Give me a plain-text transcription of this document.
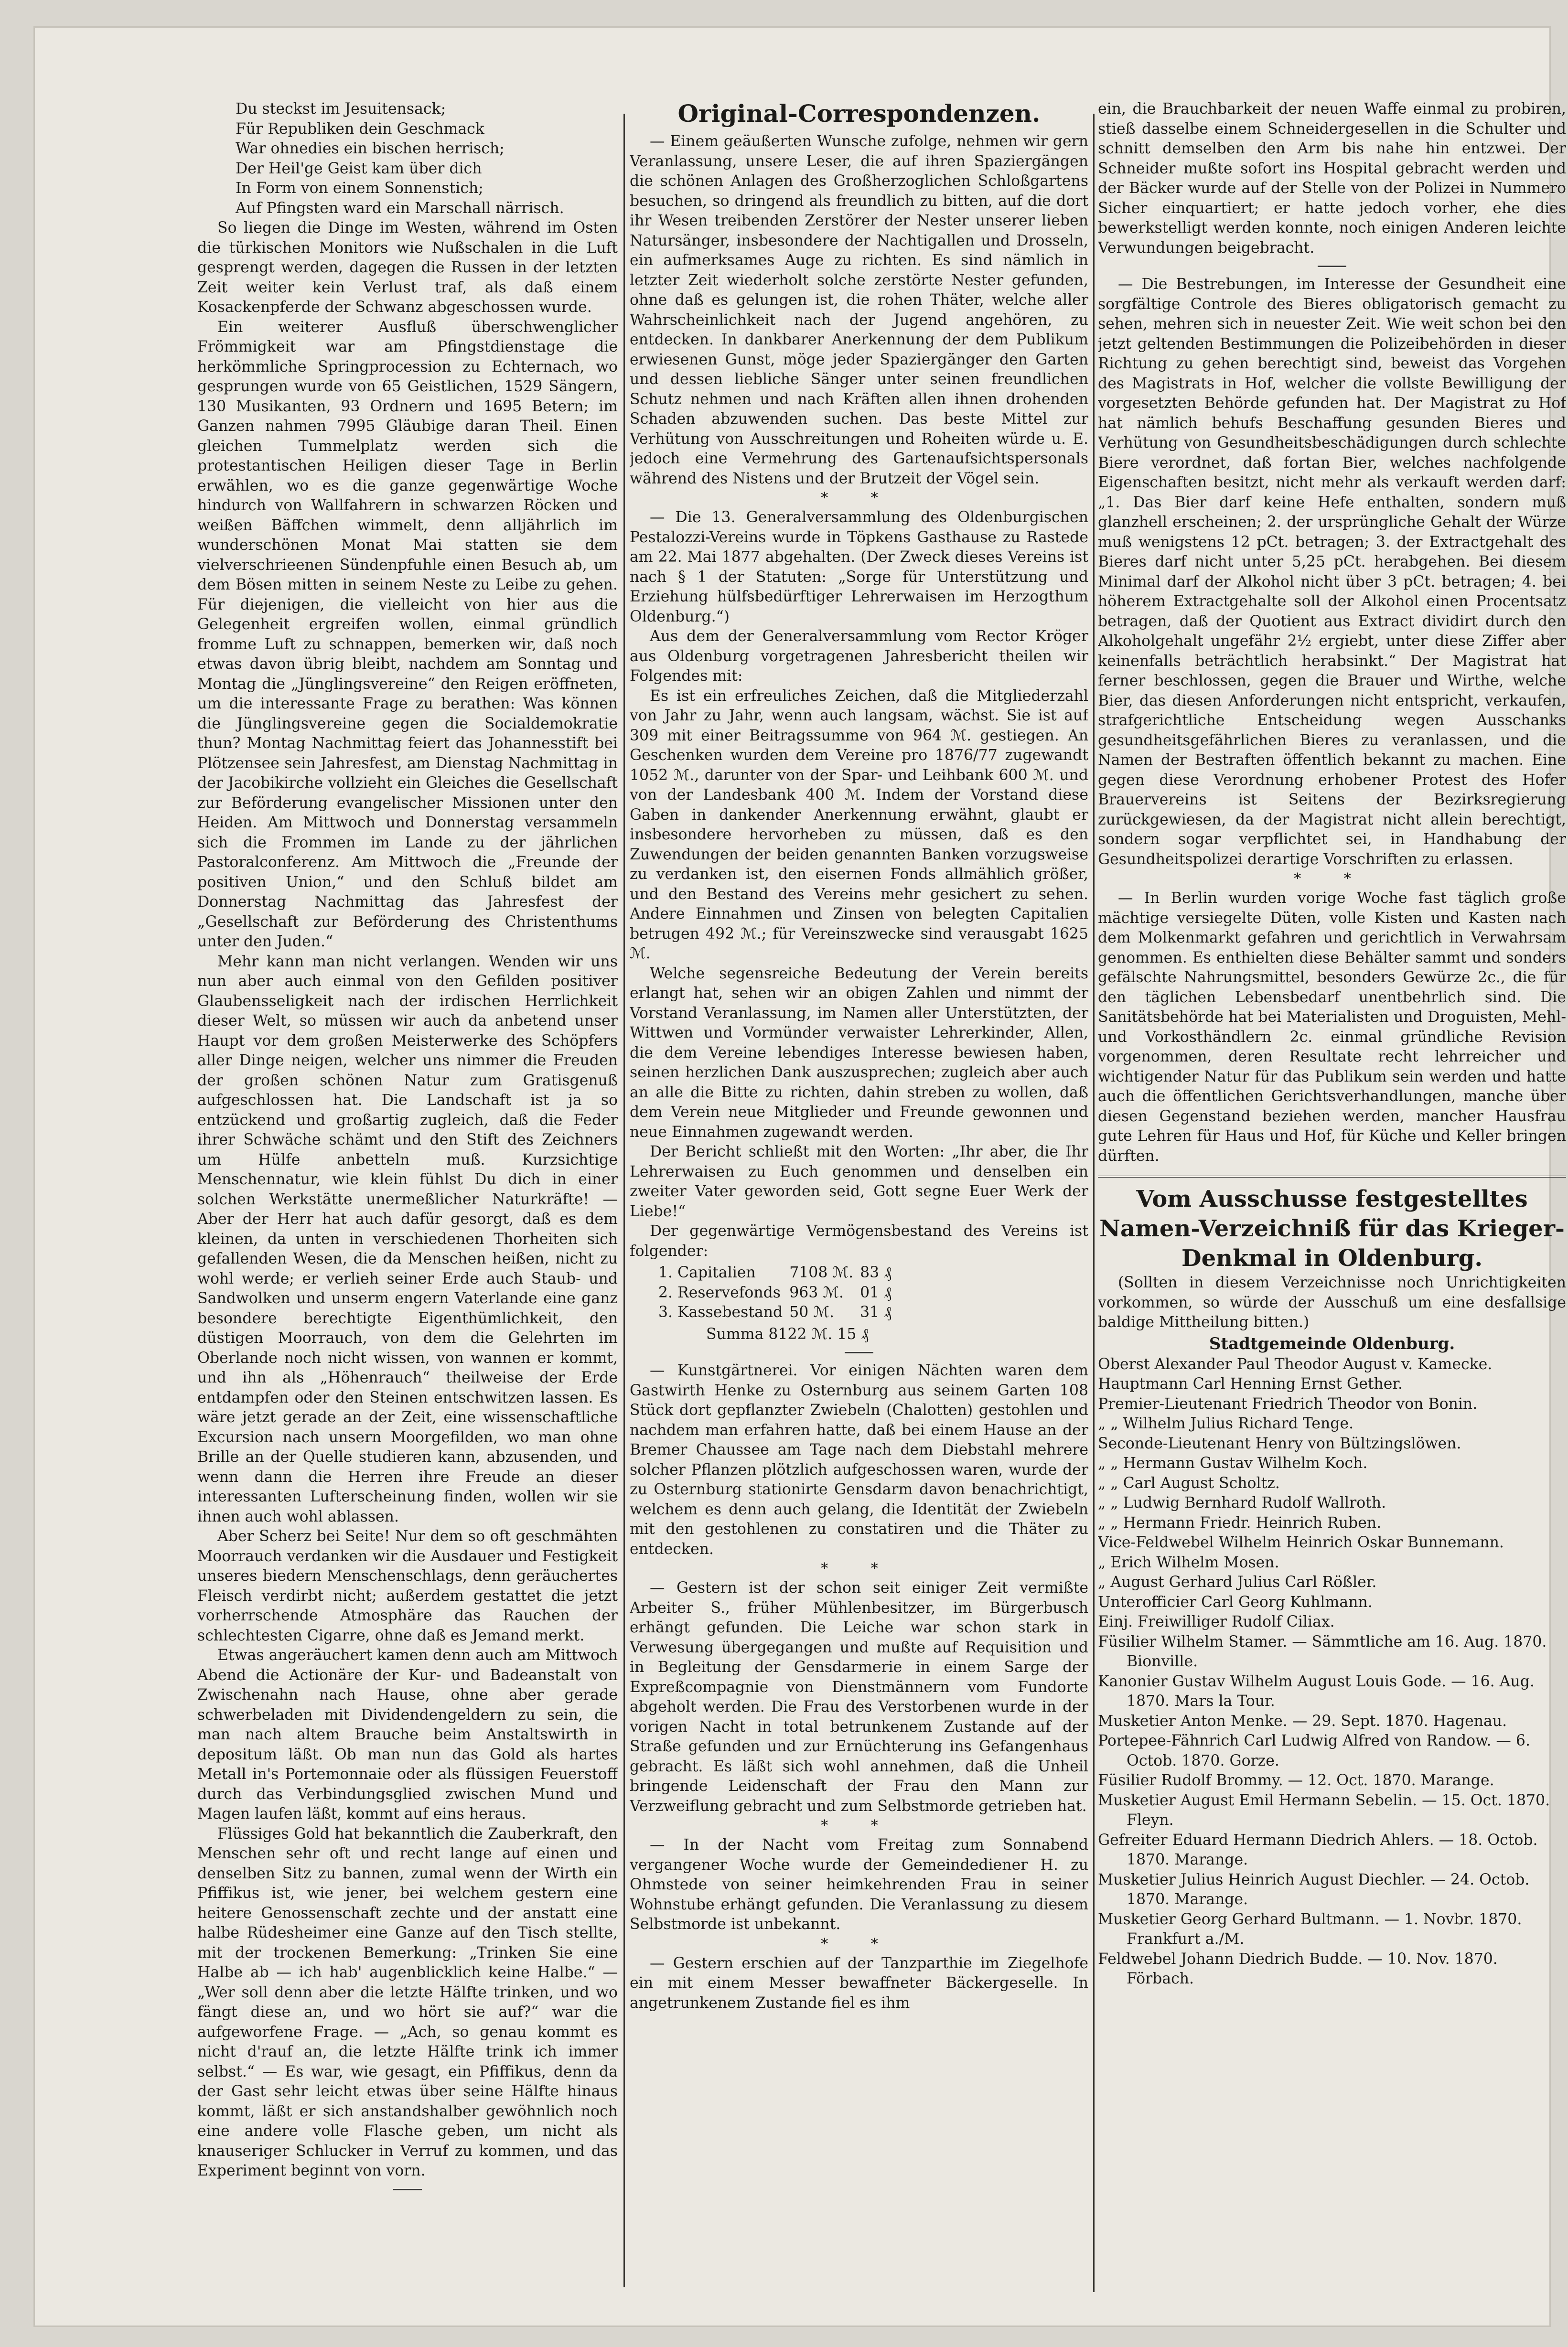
Du steckst im Jesuitensack;

Für Republiken dein Geschmack

War ohnedies ein bischen herrisch;

Der Heil'ge Geist kam über dich

In Form von einem Sonnenstich;

Auf Pfingsten ward ein Marschall närrisch.

So liegen die Dinge im Westen, während im Osten die türkischen Monitors wie Nußschalen in die Luft gesprengt werden, dagegen die Russen in der letzten Zeit weiter kein Verlust traf, als daß einem Kosackenpferde der Schwanz abgeschossen wurde.

Ein weiterer Ausfluß überschwenglicher Frömmigkeit war am Pfingstdienstage die herkömmliche Springprocession zu Echternach, wo gesprungen wurde von 65 Geistlichen, 1529 Sängern, 130 Musikanten, 93 Ordnern und 1695 Betern; im Ganzen nahmen 7995 Gläubige daran Theil. Einen gleichen Tummelplatz werden sich die protestantischen Heiligen dieser Tage in Berlin erwählen, wo es die ganze gegenwärtige Woche hindurch von Wallfahrern in schwarzen Röcken und weißen Bäffchen wimmelt, denn alljährlich im wunderschönen Monat Mai statten sie dem vielverschrieenen Sündenpfuhle einen Besuch ab, um dem Bösen mitten in seinem Neste zu Leibe zu gehen. Für diejenigen, die vielleicht von hier aus die Gelegenheit ergreifen wollen, einmal gründlich fromme Luft zu schnappen, bemerken wir, daß noch etwas davon übrig bleibt, nachdem am Sonntag und Montag die „Jünglingsvereine“ den Reigen eröffneten, um die interessante Frage zu berathen: Was können die Jünglingsvereine gegen die Socialdemokratie thun? Montag Nachmittag feiert das Johannesstift bei Plötzensee sein Jahresfest, am Dienstag Nachmittag in der Jacobikirche vollzieht ein Gleiches die Gesellschaft zur Beförderung evangelischer Missionen unter den Heiden. Am Mittwoch und Donnerstag versammeln sich die Frommen im Lande zu der jährlichen Pastoralconferenz. Am Mittwoch die „Freunde der positiven Union,“ und den Schluß bildet am Donnerstag Nachmittag das Jahresfest der „Gesellschaft zur Beförderung des Christenthums unter den Juden.“

Mehr kann man nicht verlangen. Wenden wir uns nun aber auch einmal von den Gefilden positiver Glaubensseligkeit nach der irdischen Herrlichkeit dieser Welt, so müssen wir auch da anbetend unser Haupt vor dem großen Meisterwerke des Schöpfers aller Dinge neigen, welcher uns nimmer die Freuden der großen schönen Natur zum Gratisgenuß aufgeschlossen hat. Die Landschaft ist ja so entzückend und großartig zugleich, daß die Feder ihrer Schwäche schämt und den Stift des Zeichners um Hülfe anbetteln muß. Kurzsichtige Menschennatur, wie klein fühlst Du dich in einer solchen Werkstätte unermeßlicher Naturkräfte! — Aber der Herr hat auch dafür gesorgt, daß es dem kleinen, da unten in verschiedenen Thorheiten sich gefallenden Wesen, die da Menschen heißen, nicht zu wohl werde; er verlieh seiner Erde auch Staub- und Sandwolken und unserm engern Vaterlande eine ganz besondere berechtigte Eigenthümlichkeit, den düstigen Moorrauch, von dem die Gelehrten im Oberlande noch nicht wissen, von wannen er kommt, und ihn als „Höhenrauch“ theilweise der Erde entdampfen oder den Steinen entschwitzen lassen. Es wäre jetzt gerade an der Zeit, eine wissenschaftliche Excursion nach unsern Moorgefilden, wo man ohne Brille an der Quelle studieren kann, abzusenden, und wenn dann die Herren ihre Freude an dieser interessanten Lufterscheinung finden, wollen wir sie ihnen auch wohl ablassen.

Aber Scherz bei Seite! Nur dem so oft geschmähten Moorrauch verdanken wir die Ausdauer und Festigkeit unseres biedern Menschenschlags, denn geräuchertes Fleisch verdirbt nicht; außerdem gestattet die jetzt vorherrschende Atmosphäre das Rauchen der schlechtesten Cigarre, ohne daß es Jemand merkt.

Etwas angeräuchert kamen denn auch am Mittwoch Abend die Actionäre der Kur- und Badeanstalt von Zwischenahn nach Hause, ohne aber gerade schwerbeladen mit Dividendengeldern zu sein, die man nach altem Brauche beim Anstaltswirth in depositum läßt. Ob man nun das Gold als hartes Metall in's Portemonnaie oder als flüssigen Feuerstoff durch das Verbindungsglied zwischen Mund und Magen laufen läßt, kommt auf eins heraus.

Flüssiges Gold hat bekanntlich die Zauberkraft, den Menschen sehr oft und recht lange auf einen und denselben Sitz zu bannen, zumal wenn der Wirth ein Pfiffikus ist, wie jener, bei welchem gestern eine heitere Genossenschaft zechte und der anstatt eine halbe Rüdesheimer eine Ganze auf den Tisch stellte, mit der trockenen Bemerkung: „Trinken Sie eine Halbe ab — ich hab' augenblicklich keine Halbe.“ — „Wer soll denn aber die letzte Hälfte trinken, und wo fängt diese an, und wo hört sie auf?“ war die aufgeworfene Frage. — „Ach, so genau kommt es nicht d'rauf an, die letzte Hälfte trink ich immer selbst.“ — Es war, wie gesagt, ein Pfiffikus, denn da der Gast sehr leicht etwas über seine Hälfte hinaus kommt, läßt er sich anstandshalber gewöhnlich noch eine andere volle Flasche geben, um nicht als knauseriger Schlucker in Verruf zu kommen, und das Experiment beginnt von vorn.

Original-Correspondenzen.

— Einem geäußerten Wunsche zufolge, nehmen wir gern Veranlassung, unsere Leser, die auf ihren Spaziergängen die schönen Anlagen des Großherzoglichen Schloßgartens besuchen, so dringend als freundlich zu bitten, auf die dort ihr Wesen treibenden Zerstörer der Nester unserer lieben Natursänger, insbesondere der Nachtigallen und Drosseln, ein aufmerksames Auge zu richten. Es sind nämlich in letzter Zeit wiederholt solche zerstörte Nester gefunden, ohne daß es gelungen ist, die rohen Thäter, welche aller Wahrscheinlichkeit nach der Jugend angehören, zu entdecken. In dankbarer Anerkennung der dem Publikum erwiesenen Gunst, möge jeder Spaziergänger den Garten und dessen liebliche Sänger unter seinen freundlichen Schutz nehmen und nach Kräften allen ihnen drohenden Schaden abzuwenden suchen. Das beste Mittel zur Verhütung von Ausschreitungen und Roheiten würde u. E. jedoch eine Vermehrung des Gartenaufsichtspersonals während des Nistens und der Brutzeit der Vögel sein.

* *

— Die 13. Generalversammlung des Oldenburgischen Pestalozzi-Vereins wurde in Töpkens Gasthause zu Rastede am 22. Mai 1877 abgehalten. (Der Zweck dieses Vereins ist nach § 1 der Statuten: „Sorge für Unterstützung und Erziehung hülfsbedürftiger Lehrerwaisen im Herzogthum Oldenburg.“)

Aus dem der Generalversammlung vom Rector Kröger aus Oldenburg vorgetragenen Jahresbericht theilen wir Folgendes mit:

Es ist ein erfreuliches Zeichen, daß die Mitgliederzahl von Jahr zu Jahr, wenn auch langsam, wächst. Sie ist auf 309 mit einer Beitragssumme von 964 ℳ. gestiegen. An Geschenken wurden dem Vereine pro 1876/77 zugewandt 1052 ℳ., darunter von der Spar- und Leihbank 600 ℳ. und von der Landesbank 400 ℳ. Indem der Vorstand diese Gaben in dankender Anerkennung erwähnt, glaubt er insbesondere hervorheben zu müssen, daß es den Zuwendungen der beiden genannten Banken vorzugsweise zu verdanken ist, den eisernen Fonds allmählich größer, und den Bestand des Vereins mehr gesichert zu sehen. Andere Einnahmen und Zinsen von belegten Capitalien betrugen 492 ℳ.; für Vereinszwecke sind verausgabt 1625 ℳ.

Welche segensreiche Bedeutung der Verein bereits erlangt hat, sehen wir an obigen Zahlen und nimmt der Vorstand Veranlassung, im Namen aller Unterstützten, der Wittwen und Vormünder verwaister Lehrerkinder, Allen, die dem Vereine lebendiges Interesse bewiesen haben, seinen herzlichen Dank auszusprechen; zugleich aber auch an alle die Bitte zu richten, dahin streben zu wollen, daß dem Verein neue Mitglieder und Freunde gewonnen und neue Einnahmen zugewandt werden.

Der Bericht schließt mit den Worten: „Ihr aber, die Ihr Lehrerwaisen zu Euch genommen und denselben ein zweiter Vater geworden seid, Gott segne Euer Werk der Liebe!“

Der gegenwärtige Vermögensbestand des Vereins ist folgender:

1. Capitalien	7108 ℳ.	83 ₰
2. Reservefonds	963 ℳ.	01 ₰
3. Kassebestand	50 ℳ.	31 ₰

Summa 8122 ℳ. 15 ₰

— Kunstgärtnerei. Vor einigen Nächten waren dem Gastwirth Henke zu Osternburg aus seinem Garten 108 Stück dort gepflanzter Zwiebeln (Chalotten) gestohlen und nachdem man erfahren hatte, daß bei einem Hause an der Bremer Chaussee am Tage nach dem Diebstahl mehrere solcher Pflanzen plötzlich aufgeschossen waren, wurde der zu Osternburg stationirte Gensdarm davon benachrichtigt, welchem es denn auch gelang, die Identität der Zwiebeln mit den gestohlenen zu constatiren und die Thäter zu entdecken.

* *

— Gestern ist der schon seit einiger Zeit vermißte Arbeiter S., früher Mühlenbesitzer, im Bürgerbusch erhängt gefunden. Die Leiche war schon stark in Verwesung übergegangen und mußte auf Requisition und in Begleitung der Gensdarmerie in einem Sarge der Expreßcompagnie von Dienstmännern vom Fundorte abgeholt werden. Die Frau des Verstorbenen wurde in der vorigen Nacht in total betrunkenem Zustande auf der Straße gefunden und zur Ernüchterung ins Gefangenhaus gebracht. Es läßt sich wohl annehmen, daß die Unheil bringende Leidenschaft der Frau den Mann zur Verzweiflung gebracht und zum Selbstmorde getrieben hat.

* *

— In der Nacht vom Freitag zum Sonnabend vergangener Woche wurde der Gemeindediener H. zu Ohmstede von seiner heimkehrenden Frau in seiner Wohnstube erhängt gefunden. Die Veranlassung zu diesem Selbstmorde ist unbekannt.

* *

— Gestern erschien auf der Tanzparthie im Ziegelhofe ein mit einem Messer bewaffneter Bäckergeselle. In angetrunkenem Zustande fiel es ihm

ein, die Brauchbarkeit der neuen Waffe einmal zu probiren, stieß dasselbe einem Schneidergesellen in die Schulter und schnitt demselben den Arm bis nahe hin entzwei. Der Schneider mußte sofort ins Hospital gebracht werden und der Bäcker wurde auf der Stelle von der Polizei in Nummero Sicher einquartiert; er hatte jedoch vorher, ehe dies bewerkstelligt werden konnte, noch einigen Anderen leichte Verwundungen beigebracht.

— Die Bestrebungen, im Interesse der Gesundheit eine sorgfältige Controle des Bieres obligatorisch gemacht zu sehen, mehren sich in neuester Zeit. Wie weit schon bei den jetzt geltenden Bestimmungen die Polizeibehörden in dieser Richtung zu gehen berechtigt sind, beweist das Vorgehen des Magistrats in Hof, welcher die vollste Bewilligung der vorgesetzten Behörde gefunden hat. Der Magistrat zu Hof hat nämlich behufs Beschaffung gesunden Bieres und Verhütung von Gesundheitsbeschädigungen durch schlechte Biere verordnet, daß fortan Bier, welches nachfolgende Eigenschaften besitzt, nicht mehr als verkauft werden darf: „1. Das Bier darf keine Hefe enthalten, sondern muß glanzhell erscheinen; 2. der ursprüngliche Gehalt der Würze muß wenigstens 12 pCt. betragen; 3. der Extractgehalt des Bieres darf nicht unter 5,25 pCt. herabgehen. Bei diesem Minimal darf der Alkohol nicht über 3 pCt. betragen; 4. bei höherem Extractgehalte soll der Alkohol einen Procentsatz betragen, daß der Quotient aus Extract dividirt durch den Alkoholgehalt ungefähr 2½ ergiebt, unter diese Ziffer aber keinenfalls beträchtlich herabsinkt.“ Der Magistrat hat ferner beschlossen, gegen die Brauer und Wirthe, welche Bier, das diesen Anforderungen nicht entspricht, verkaufen, strafgerichtliche Entscheidung wegen Ausschanks gesundheitsgefährlichen Bieres zu veranlassen, und die Namen der Bestraften öffentlich bekannt zu machen. Eine gegen diese Verordnung erhobener Protest des Hofer Brauervereins ist Seitens der Bezirksregierung zurückgewiesen, da der Magistrat nicht allein berechtigt, sondern sogar verpflichtet sei, in Handhabung der Gesundheitspolizei derartige Vorschriften zu erlassen.

* *

— In Berlin wurden vorige Woche fast täglich große mächtige versiegelte Düten, volle Kisten und Kasten nach dem Molkenmarkt gefahren und gerichtlich in Verwahrsam genommen. Es enthielten diese Behälter sammt und sonders gefälschte Nahrungsmittel, besonders Gewürze 2c., die für den täglichen Lebensbedarf unentbehrlich sind. Die Sanitätsbehörde hat bei Materialisten und Droguisten, Mehl- und Vorkosthändlern 2c. einmal gründliche Revision vorgenommen, deren Resultate recht lehrreicher und wichtigender Natur für das Publikum sein werden und hatte auch die öffentlichen Gerichtsverhandlungen, manche über diesen Gegenstand beziehen werden, mancher Hausfrau gute Lehren für Haus und Hof, für Küche und Keller bringen dürften.

Vom Ausschusse festgestelltes Namen-Verzeichniß für das Krieger-Denkmal in Oldenburg.

(Sollten in diesem Verzeichnisse noch Unrichtigkeiten vorkommen, so würde der Ausschuß um eine desfallsige baldige Mittheilung bitten.)

Stadtgemeinde Oldenburg.

Oberst Alexander Paul Theodor August v. Kamecke.

Hauptmann Carl Henning Ernst Gether.

Premier-Lieutenant Friedrich Theodor von Bonin.

„ „ Wilhelm Julius Richard Tenge.

Seconde-Lieutenant Henry von Bültzingslöwen.

„ „ Hermann Gustav Wilhelm Koch.

„ „ Carl August Scholtz.

„ „ Ludwig Bernhard Rudolf Wallroth.

„ „ Hermann Friedr. Heinrich Ruben.

Vice-Feldwebel Wilhelm Heinrich Oskar Bunnemann.

„ Erich Wilhelm Mosen.

„ August Gerhard Julius Carl Rößler.

Unterofficier Carl Georg Kuhlmann.

Einj. Freiwilliger Rudolf Ciliax.

Füsilier Wilhelm Stamer. — Sämmtliche am 16. Aug. 1870. Bionville.

Kanonier Gustav Wilhelm August Louis Gode. — 16. Aug. 1870. Mars la Tour.

Musketier Anton Menke. — 29. Sept. 1870. Hagenau.

Portepee-Fähnrich Carl Ludwig Alfred von Randow. — 6. Octob. 1870. Gorze.

Füsilier Rudolf Brommy. — 12. Oct. 1870. Marange.

Musketier August Emil Hermann Sebelin. — 15. Oct. 1870. Fleyn.

Gefreiter Eduard Hermann Diedrich Ahlers. — 18. Octob. 1870. Marange.

Musketier Julius Heinrich August Diechler. — 24. Octob. 1870. Marange.

Musketier Georg Gerhard Bultmann. — 1. Novbr. 1870. Frankfurt a./M.

Feldwebel Johann Diedrich Budde. — 10. Nov. 1870. Förbach.
